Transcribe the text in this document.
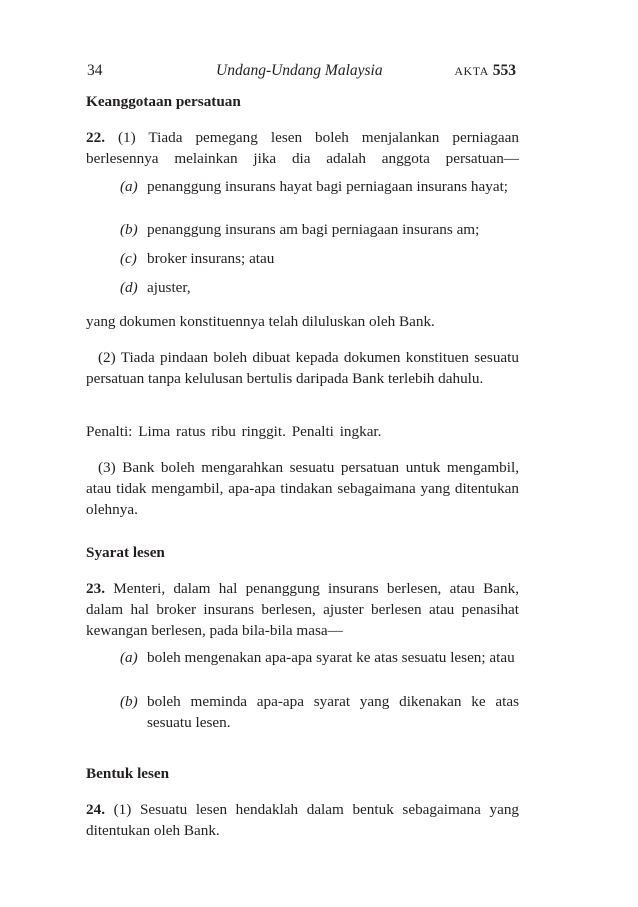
34	Undang-Undang Malaysia	AKTA 553
Keanggotaan persatuan
22. (1) Tiada pemegang lesen boleh menjalankan perniagaan berlesennya melainkan jika dia adalah anggota persatuan—
(a) penanggung insurans hayat bagi perniagaan insurans hayat;
(b) penanggung insurans am bagi perniagaan insurans am;
(c) broker insurans; atau
(d) ajuster,
yang dokumen konstituennya telah diluluskan oleh Bank.
(2) Tiada pindaan boleh dibuat kepada dokumen konstituen sesuatu persatuan tanpa kelulusan bertulis daripada Bank terlebih dahulu.
Penalti: Lima ratus ribu ringgit. Penalti ingkar.
(3) Bank boleh mengarahkan sesuatu persatuan untuk mengambil, atau tidak mengambil, apa-apa tindakan sebagaimana yang ditentukan olehnya.
Syarat lesen
23. Menteri, dalam hal penanggung insurans berlesen, atau Bank, dalam hal broker insurans berlesen, ajuster berlesen atau penasihat kewangan berlesen, pada bila-bila masa—
(a) boleh mengenakan apa-apa syarat ke atas sesuatu lesen; atau
(b) boleh meminda apa-apa syarat yang dikenakan ke atas sesuatu lesen.
Bentuk lesen
24. (1) Sesuatu lesen hendaklah dalam bentuk sebagaimana yang ditentukan oleh Bank.
